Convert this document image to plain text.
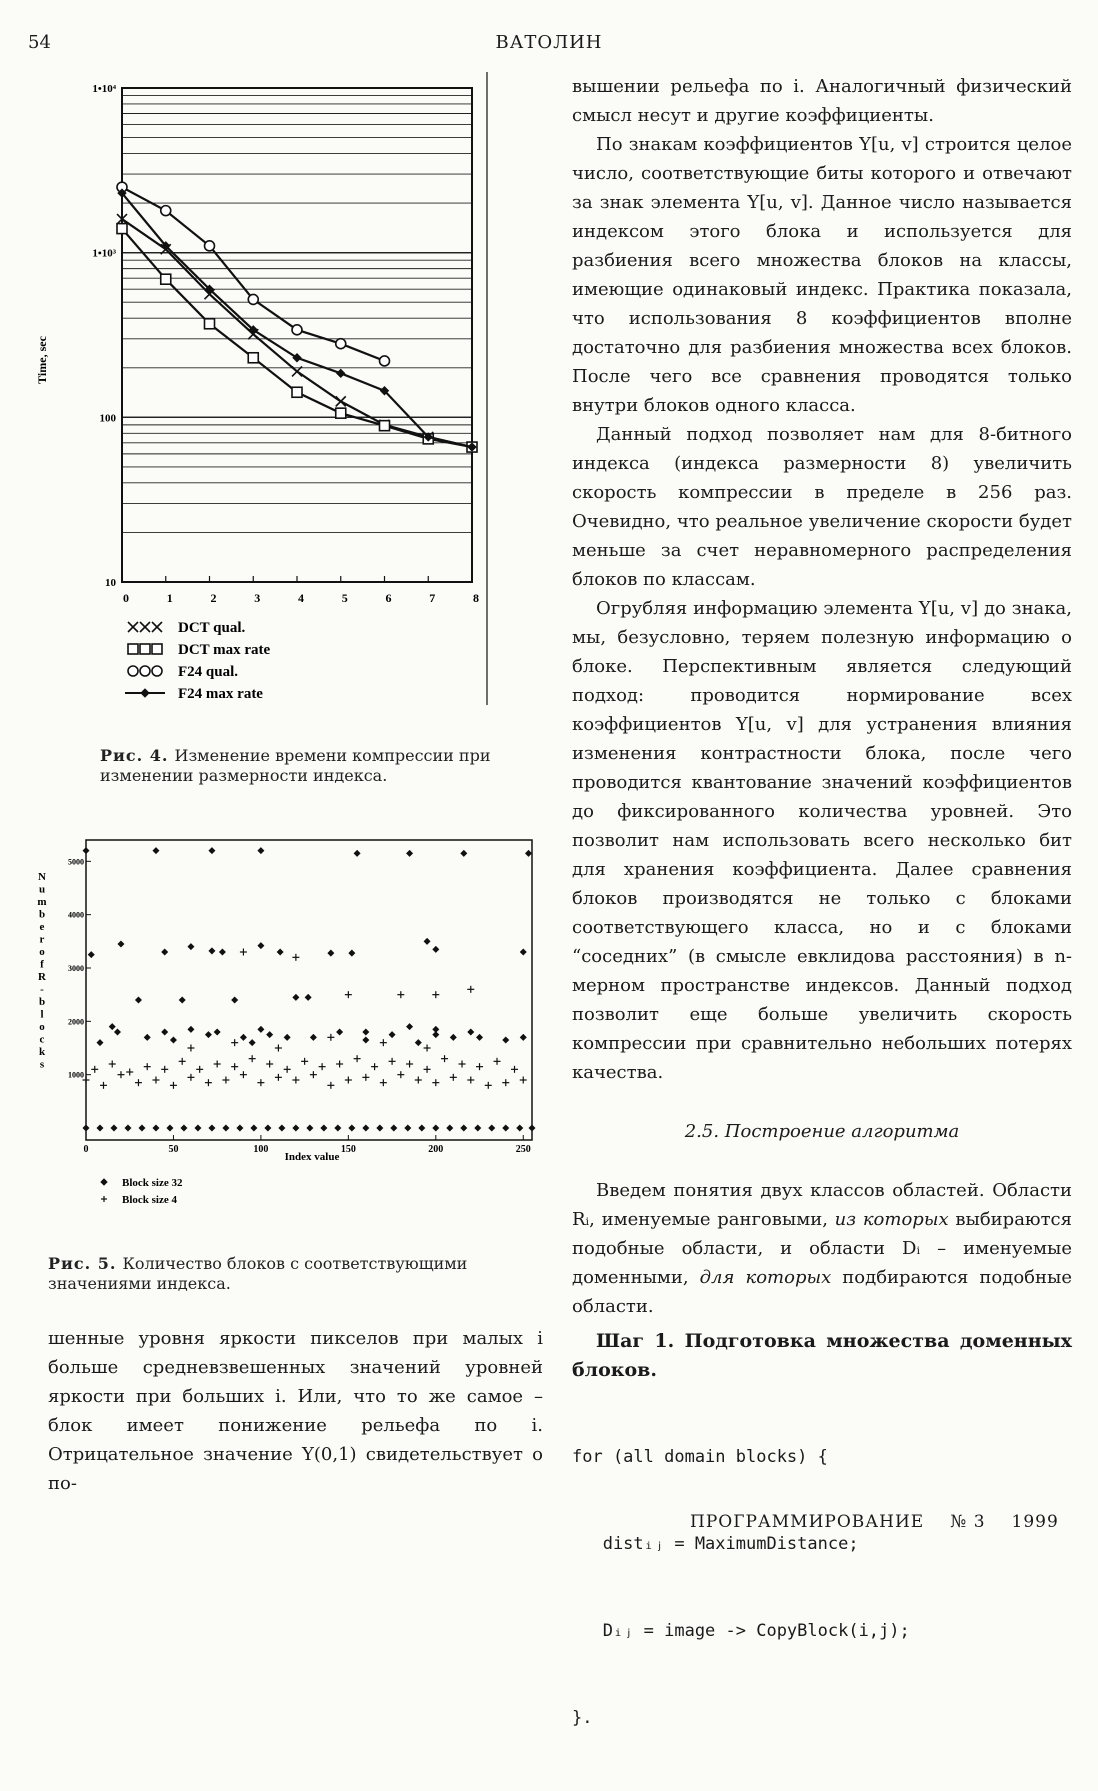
54	ВАТОЛИН
10
100
1•10³
1•10⁴
0	1	2	3	4	5	6	7	8
Time, sec
DCT qual.
DCT max rate
F24 qual.
F24 max rate
Рис. 4. Изменение времени компрессии при изменении размерности индекса.
1000
2000
3000
4000
5000
0	50	100	150	200	250
N u m b e r o f R -b l o c k s
Index value
Block size 32
Block size 4
Рис. 5. Количество блоков с соответствующими значениями индекса.

шенные уровня яркости пикселов при малых i больше средневзвешенных значений уровней яркости при больших i. Или, что то же самое – блок имеет понижение рельефа по i. Отрицательное значение Y(0,1) свидетельствует о по-

вышении рельефа по i. Аналогичный физический смысл несут и другие коэффициенты.

По знакам коэффициентов Y[u, v] строится целое число, соответствующие биты которого и отвечают за знак элемента Y[u, v]. Данное число называется индексом этого блока и используется для разбиения всего множества блоков на классы, имеющие одинаковый индекс. Практика показала, что использования 8 коэффициентов вполне достаточно для разбиения множества всех блоков. После чего все сравнения проводятся только внутри блоков одного класса.

Данный подход позволяет нам для 8-битного индекса (индекса размерности 8) увеличить скорость компрессии в пределе в 256 раз. Очевидно, что реальное увеличение скорости будет меньше за счет неравномерного распределения блоков по классам.

Огрубляя информацию элемента Y[u, v] до знака, мы, безусловно, теряем полезную информацию о блоке. Перспективным является следующий подход: проводится нормирование всех коэффициентов Y[u, v] для устранения влияния изменения контрастности блока, после чего проводится квантование значений коэффициентов до фиксированного количества уровней. Это позволит нам использовать всего несколько бит для хранения коэффициента. Далее сравнения блоков производятся не только с блоками соответствующего класса, но и с блоками “соседних” (в смысле евклидова расстояния) в n-мерном пространстве индексов. Данный подход позволит еще больше увеличить скорость компрессии при сравнительно небольших потерях качества.

2.5. Построение алгоритма

Введем понятия двух классов областей. Области Rᵢ, именуемые ранговыми, из которых выбираются подобные области, и области Dᵢ – именуемые доменными, для которых подбираются подобные области.

Шаг 1. Подготовка множества доменных блоков.

for (all domain blocks) {

distᵢⱼ = MaximumDistance;

Dᵢⱼ = image -> CopyBlock(i,j);

}.

ПРОГРАММИРОВАНИЕ № 3 1999
